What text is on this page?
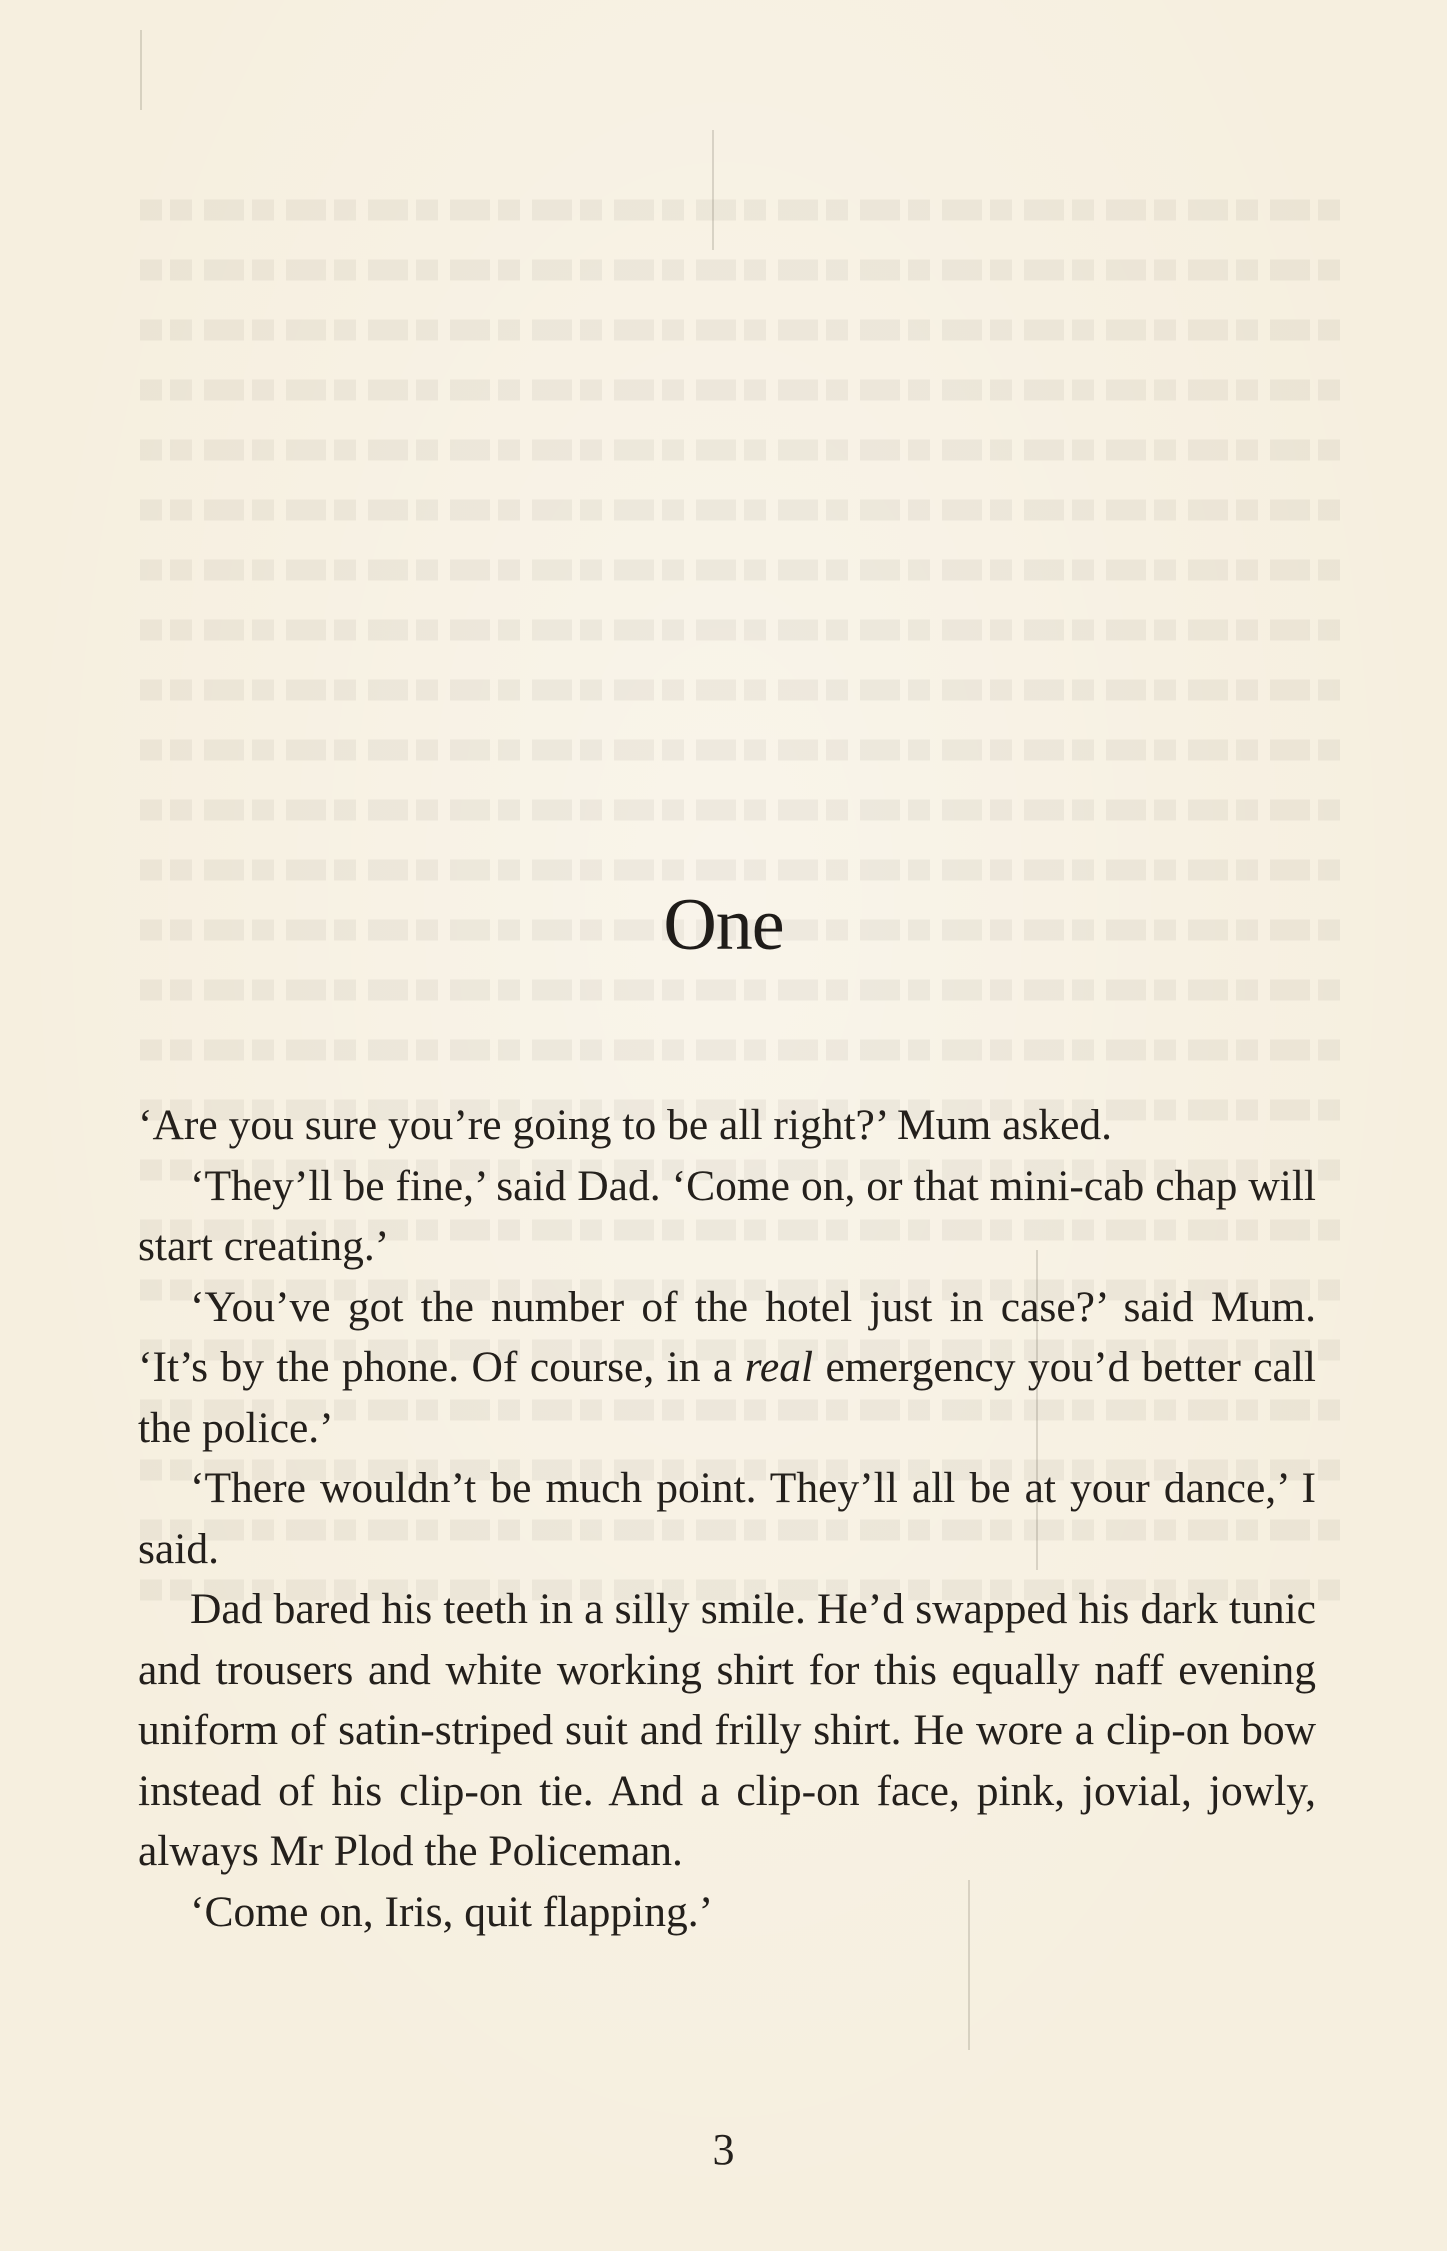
One

‘Are you sure you’re going to be all right?’ Mum asked.

‘They’ll be fine,’ said Dad. ‘Come on, or that mini-cab chap will start creating.’

‘You’ve got the number of the hotel just in case?’ said Mum. ‘It’s by the phone. Of course, in a real emergency you’d better call the police.’

‘There wouldn’t be much point. They’ll all be at your dance,’ I said.

Dad bared his teeth in a silly smile. He’d swapped his dark tunic and trousers and white working shirt for this equally naff evening uniform of satin-striped suit and frilly shirt. He wore a clip-on bow instead of his clip-on tie. And a clip-on face, pink, jovial, jowly, always Mr Plod the Policeman.

‘Come on, Iris, quit flapping.’

3
